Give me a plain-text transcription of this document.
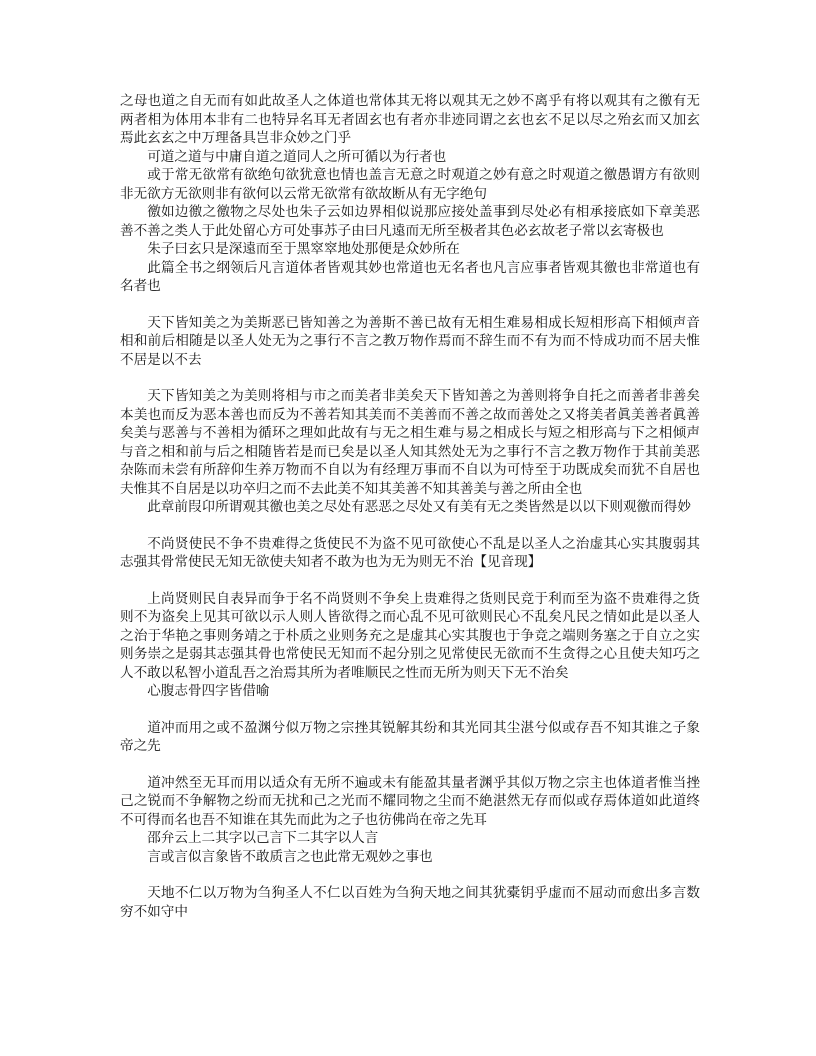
之母也道之自无而有如此故圣人之体道也常体其无将以观其无之妙不离乎有将以观其有之徼有无两者相为体用本非有二也特异名耳无者固玄也有者亦非迹同谓之玄也玄不足以尽之殆玄而又加玄焉此玄玄之中万理备具岂非众妙之门乎

可道之道与中庸自道之道同人之所可循以为行者也

或于常无欲常有欲绝句欲犹意也情也盖言无意之时观道之妙有意之时观道之徼愚谓方有欲则非无欲方无欲则非有欲何以云常无欲常有欲故断从有无字绝句

徼如边徼之徼物之尽处也朱子云如边界相似说那应接处盖事到尽处必有相承接底如下章美恶善不善之类人于此处留心方可处事苏子由曰凡遠而无所至极者其色必玄故老子常以玄寄极也

朱子曰玄只是深遠而至于黑窣窣地处那便是众妙所在

此篇全书之纲领后凡言道体者皆观其妙也常道也无名者也凡言应事者皆观其徼也非常道也有名者也

天下皆知美之为美斯恶已皆知善之为善斯不善已故有无相生难易相成长短相形高下相倾声音相和前后相随是以圣人处无为之事行不言之教万物作焉而不辞生而不有为而不恃成功而不居夫惟不居是以不去

天下皆知美之为美则将相与市之而美者非美矣天下皆知善之为善则将争自托之而善者非善矣本美也而反为恶本善也而反为不善若知其美而不美善而不善之故而善处之又将美者眞美善者眞善矣美与恶善与不善相为循环之理如此故有与无之相生难与易之相成长与短之相形高与下之相倾声与音之相和前与后之相随皆若是而已矣是以圣人知其然处无为之事行不言之教万物作于其前美恶杂陈而未尝有所辞仰生养万物而不自以为有经理万事而不自以为可恃至于功既成矣而犹不自居也夫惟其不自居是以功卒归之而不去此美不知其美善不知其善美与善之所由全也

此章前叚卬所谓观其徼也美之尽处有恶恶之尽处又有美有无之类皆然是以以下则观徼而得妙

不尚贤使民不争不贵难得之货使民不为盗不见可欲使心不乱是以圣人之治虚其心实其腹弱其志强其骨常使民无知无欲使夫知者不敢为也为无为则无不治【见音现】

上尚贤则民自表异而争于名不尚贤则不争矣上贵难得之货则民竞于利而至为盗不贵难得之货则不为盗矣上见其可欲以示人则人皆欲得之而心乱不见可欲则民心不乱矣凡民之情如此是以圣人之治于华艳之事则务靖之于朴质之业则务充之是虚其心实其腹也于争竞之端则务塞之于自立之实则务崇之是弱其志强其骨也常使民无知而不起分别之见常使民无欲而不生贪得之心且使夫知巧之人不敢以私智小道乱吾之治焉其所为者唯顺民之性而无所为则天下无不治矣

心腹志骨四字皆借喻

道冲而用之或不盈渊兮似万物之宗挫其锐解其纷和其光同其尘湛兮似或存吾不知其谁之子象帝之先

道冲然至无耳而用以适众有无所不遍或未有能盈其量者渊乎其似万物之宗主也体道者惟当挫己之锐而不争解物之纷而无扰和己之光而不耀同物之尘而不絶湛然无存而似或存焉体道如此道终不可得而名也吾不知谁在其先而此为之子也彷佛尚在帝之先耳

邵弁云上二其字以己言下二其字以人言

言或言似言象皆不敢质言之也此常无观妙之事也

天地不仁以万物为刍狗圣人不仁以百姓为刍狗天地之间其犹橐钥乎虚而不屈动而愈出多言数穷不如守中
